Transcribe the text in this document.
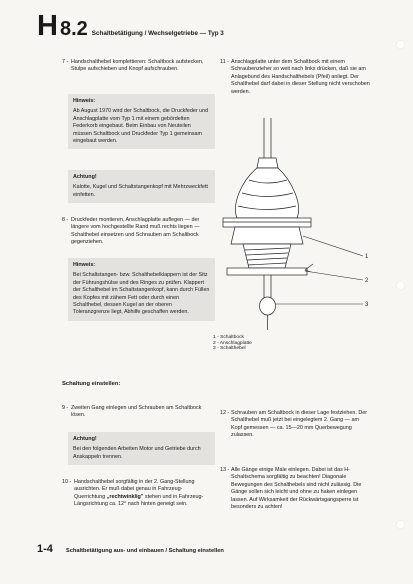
H 8.2 Schaltbetätigung / Wechselgetriebe — Typ 3
7 - Handschalthebel komplettieren: Schaltbock aufstecken, Stulpe aufschieben und Knopf aufschrauben.
Hinweis:
Ab August 1970 wird der Schaltbock, die Druckfeder und Anschlagplatte vom Typ 1 mit einem gebördelten Federkorb eingebaut. Beim Einbau von Neuteilen müssen Schaltbock und Druckfeder Typ 1 gemeinsam eingebaut werden.
Achtung!
Kalotte, Kugel und Schaltstangenkopf mit Mehrzweckfett einfetten.
8 - Druckfeder montieren, Anschlagplatte auflegen — der längere vom hochgestellte Rand muß rechts liegen — Schalthebel einsetzen und Schrauben am Schaltbock gegenziehen.
Hinweis:
Bei Schaltstangen- bzw. Schalthebelklappern ist der Sitz der Führungshülse und des Ringes zu prüfen. Klappert der Schalthebel im Schaltstangenkopf, kann durch Füllen des Kopfes mit zähem Fett oder durch einen Schalthebel, dessen Kugel an der oberen Toleranzgrenze liegt, Abhilfe geschaffen werden.
Schaltung einstellen:
9 - Zweiten Gang einlegen und Schrauben am Schaltbock lösen.
Achtung!
Bei den folgenden Arbeiten Motor und Getriebe durch Anskappeln trennen.
10 - Handschalthebel sorgfältig in der 2. Gang-Stellung ausrichten. Er muß dabei genau in Fahrzeug-Querrichtung „rechtwinklig" stehen und in Fahrzeug-Längsrichtung ca. 12° nach hinten geneigt sein.
11 - Anschlagplatte unter dem Schaltbock mit einem Schraubenzieher so weit nach links drücken, daß sie am Anlagebund des Handschalthebels (Pfeil) anliegt. Der Schalthebel darf dabei in dieser Stellung nicht verschoben werden.
1
2
3
1 - Schaltbock
2 - Anschlagplatte
3 - Schalthebel
12 - Schrauben am Schaltbock in dieser Lage festziehen. Der Schalthebel muß jetzt bei eingelegtem 2. Gang — am Kopf gemessen — ca. 15—20 mm Querbewegung zulassen.
13 - Alle Gänge einige Male einlegen. Dabei ist das H-Schaltschema sorgfältig zu beachten! Diagonale Bewegungen des Schalthebels sind nicht zulässig. Die Gänge sollen sich leicht und ohne zu haken einlegen lassen. Auf Wirksamkeit der Rückwärtsgangsperre ist besonders zu achten!
1-4 Schaltbetätigung aus- und einbauen / Schaltung einstellen
